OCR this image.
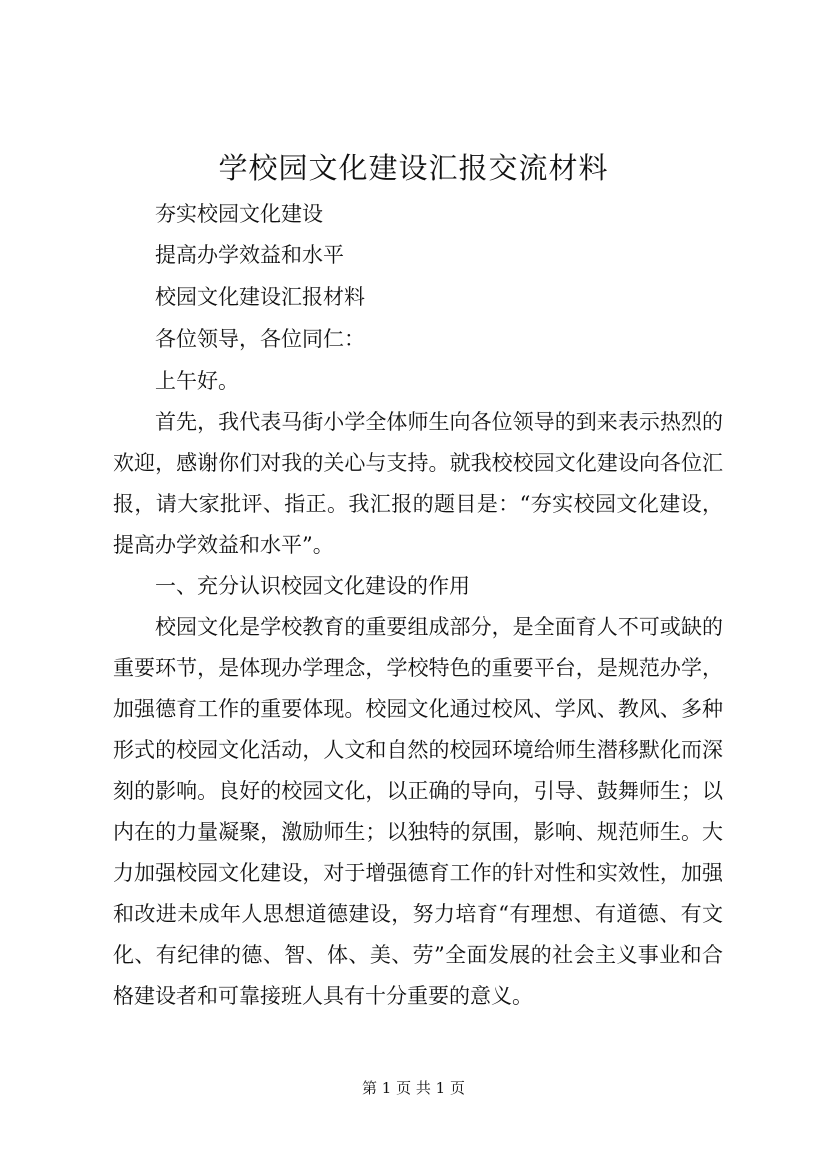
学校园文化建设汇报交流材料

夯实校园文化建设

提高办学效益和水平

校园文化建设汇报材料

各位领导，各位同仁：

上午好。

首先，我代表马街小学全体师生向各位领导的到来表示热烈的欢迎，感谢你们对我的关心与支持。就我校校园文化建设向各位汇报，请大家批评、指正。我汇报的题目是：“夯实校园文化建设，提高办学效益和水平”。

一、充分认识校园文化建设的作用

校园文化是学校教育的重要组成部分，是全面育人不可或缺的重要环节，是体现办学理念，学校特色的重要平台，是规范办学，加强德育工作的重要体现。校园文化通过校风、学风、教风、多种形式的校园文化活动，人文和自然的校园环境给师生潜移默化而深刻的影响。良好的校园文化，以正确的导向，引导、鼓舞师生；以内在的力量凝聚，激励师生；以独特的氛围，影响、规范师生。大力加强校园文化建设，对于增强德育工作的针对性和实效性，加强和改进未成年人思想道德建设，努力培育“有理想、有道德、有文化、有纪律的德、智、体、美、劳”全面发展的社会主义事业和合格建设者和可靠接班人具有十分重要的意义。

第 1 页 共 1 页
